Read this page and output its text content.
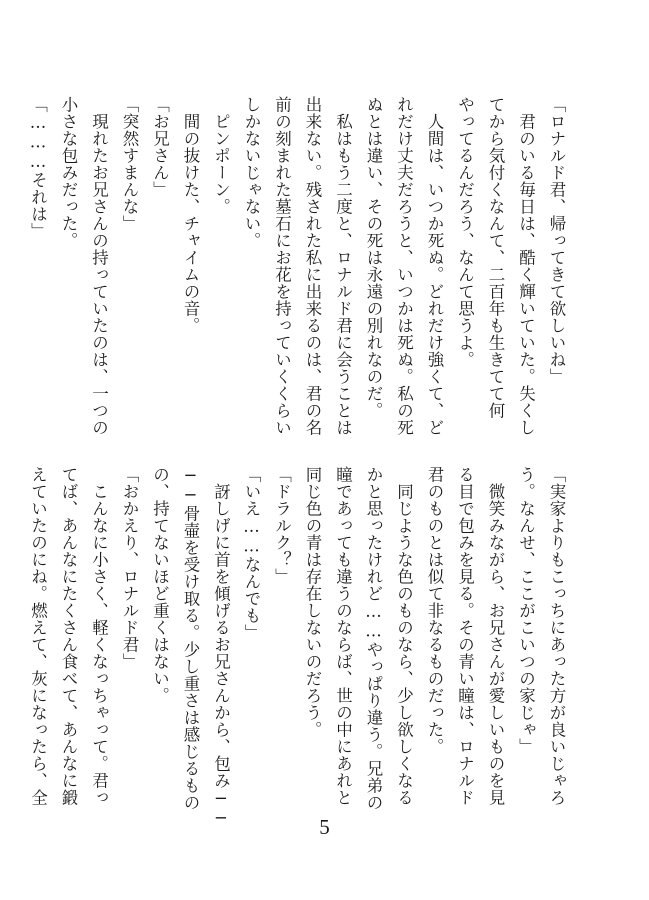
「ロナルド君、帰ってきて欲しいね」
　君のいる毎日は、酷く輝いていた。失くし
てから気付くなんて、二百年も生きてて何
やってるんだろう、なんて思うよ。
　人間は、いつか死ぬ。どれだけ強くて、ど
れだけ丈夫だろうと、いつかは死ぬ。私の死
ぬとは違い、その死は永遠の別れなのだ。
　私はもう二度と、ロナルド君に会うことは
出来ない。残された私に出来るのは、君の名
前の刻まれた墓石にお花を持っていくくらい
しかないじゃない。
　ピンポーン。
　間の抜けた、チャイムの音。
「お兄さん」
「突然すまんな」
　現れたお兄さんの持っていたのは、一つの
小さな包みだった。
「………それは」
「実家よりもこっちにあった方が良いじゃろ
う。なんせ、ここがこいつの家じゃ」
　微笑みながら、お兄さんが愛しいものを見
る目で包みを見る。その青い瞳は、ロナルド
君のものとは似て非なるものだった。
　同じような色のものなら、少し欲しくなる
かと思ったけれど……やっぱり違う。兄弟の
瞳であっても違うのならば、世の中にあれと
同じ色の青は存在しないのだろう。
「ドラルク？」
「いえ……なんでも」
　訝しげに首を傾げるお兄さんから、包み──
──骨壷を受け取る。少し重さは感じるもの
の、持てないほど重くはない。
「おかえり、ロナルド君」
　こんなに小さく、軽くなっちゃって。君っ
てば、あんなにたくさん食べて、あんなに鍛
えていたのにね。燃えて、灰になったら、全
5
